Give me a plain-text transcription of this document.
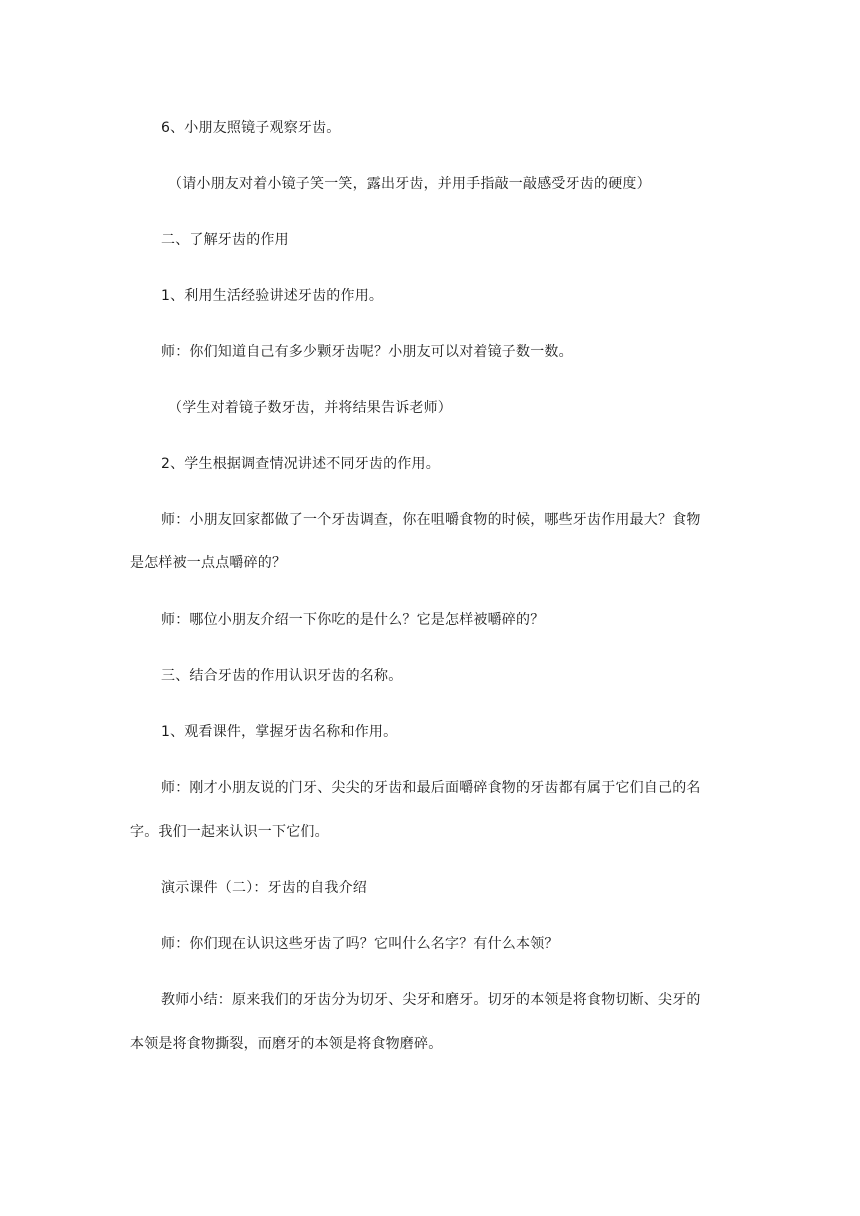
6、小朋友照镜子观察牙齿。
（请小朋友对着小镜子笑一笑，露出牙齿，并用手指敲一敲感受牙齿的硬度）
二、了解牙齿的作用
1、利用生活经验讲述牙齿的作用。
师：你们知道自己有多少颗牙齿呢？小朋友可以对着镜子数一数。
（学生对着镜子数牙齿，并将结果告诉老师）
2、学生根据调查情况讲述不同牙齿的作用。
师：小朋友回家都做了一个牙齿调查，你在咀嚼食物的时候，哪些牙齿作用最大？食物
是怎样被一点点嚼碎的？
师：哪位小朋友介绍一下你吃的是什么？它是怎样被嚼碎的？
三、结合牙齿的作用认识牙齿的名称。
1、观看课件，掌握牙齿名称和作用。
师：刚才小朋友说的门牙、尖尖的牙齿和最后面嚼碎食物的牙齿都有属于它们自己的名
字。我们一起来认识一下它们。
演示课件（二）：牙齿的自我介绍
师：你们现在认识这些牙齿了吗？它叫什么名字？有什么本领？
教师小结：原来我们的牙齿分为切牙、尖牙和磨牙。切牙的本领是将食物切断、尖牙的
本领是将食物撕裂，而磨牙的本领是将食物磨碎。
